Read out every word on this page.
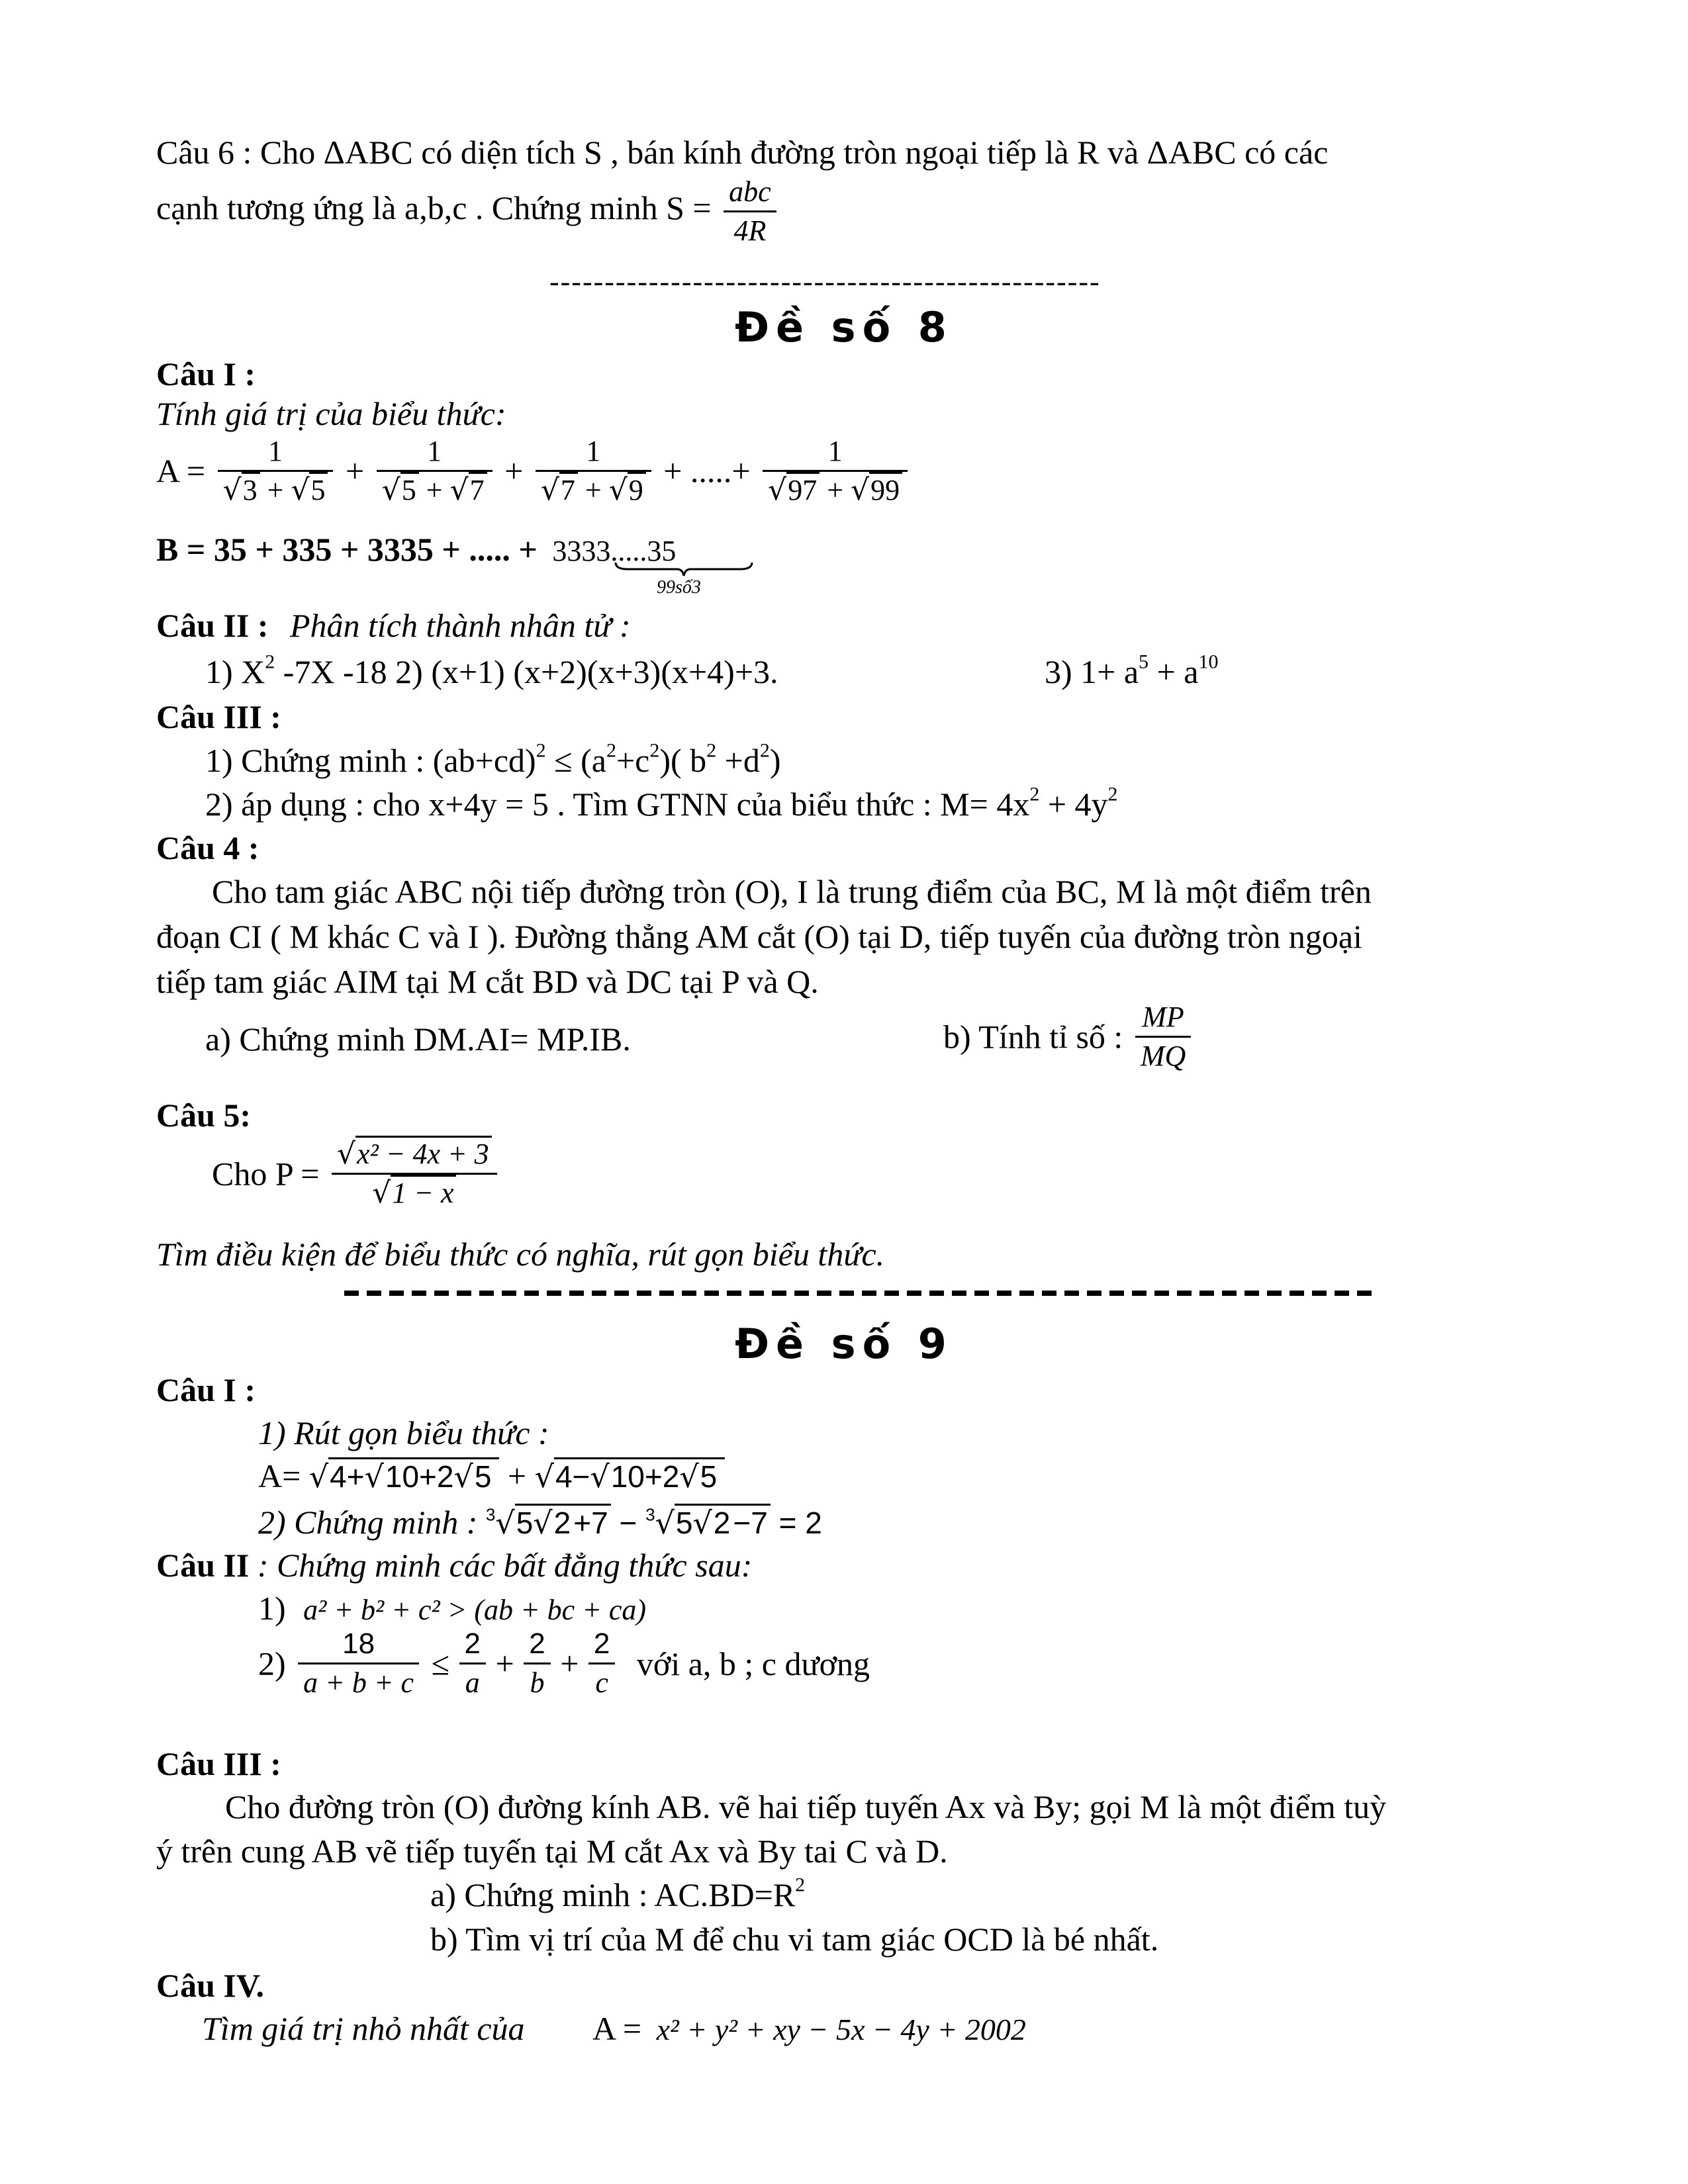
Câu 6 : Cho ΔABC có diện tích S , bán kính đường tròn ngoại tiếp là R và ΔABC có các
cạnh tương ứng là a,b,c . Chứng minh $S = \frac{\text{abc}}{4R}$
--------------------------------------------------
Đề số 8
Câu I :
Tính giá trị của biểu thức:
$A = \frac{1}{√3 + √5} + \frac{1}{√5 + √7} + \frac{1}{√7 + √9}$ + .....+ $\frac{1}{√97 + √99}$
B = 35 + 335 + 3335 + ..... + 3333.....35
99số3
Câu II : Phân tích thành nhân tử :
1) $X^2$ -7X -18 2) (x+1) (x+2)(x+3)(x+4)+3.	3) $1+ a^5 + a^{10}$
Câu III :
1) Chứng minh : $(ab+cd)^2 \le (a^2+c^2)$( $b^2 +d^2$)
2) áp dụng : cho x+4y = 5 . Tìm GTNN của biểu thức : $M= 4x^2 + 4y^2$
Câu 4 :
Cho tam giác ABC nội tiếp đường tròn (O), I là trung điểm của BC, M là một điểm trên
đoạn CI ( M khác C và I ). Đường thẳng AM cắt (O) tại D, tiếp tuyến của đường tròn ngoại
tiếp tam giác AIM tại M cắt BD và DC tại P và Q.
a) Chứng minh DM.AI= MP.IB.	b) Tính tỉ số : $\frac{MP}{MQ}$
Câu 5:
Cho $P = \frac{\text{√x² − 4x + 3}}{√1 - x}$
Tìm điều kiện để biểu thức có nghĩa, rút gọn biểu thức.
Đề số 9
Câu I :
1) Rút gọn biểu thức :
A= √4+√10+2√5 + √4−√10+2√5
2) Chứng minh : $^3$√5√2+7 − $^3$√5√2−7 = 2
Câu II : Chứng minh các bất đẳng thức sau:
1) a² + b² + c² > (ab + bc + ca)
$2) \frac{18}{a + b + c} \le \frac{2}{a} + \frac{2}{b} + \frac{2}{c}$ với a, b ; c dương
Câu III :
Cho đường tròn (O) đường kính AB. vẽ hai tiếp tuyến Ax và By; gọi M là một điểm tuỳ
ý trên cung AB vẽ tiếp tuyến tại M cắt Ax và By tai C và D.
a) Chứng minh : $AC.BD=R^2$
b) Tìm vị trí của M để chu vi tam giác OCD là bé nhất.
Câu IV.
Tìm giá trị nhỏ nhất của A = x² + y² + xy − 5x − 4y + 2002
